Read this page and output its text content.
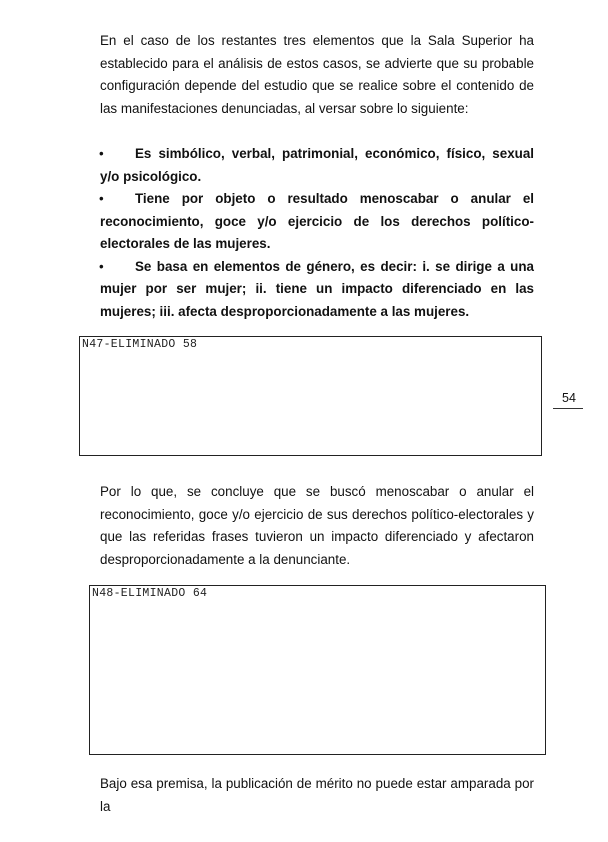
En el caso de los restantes tres elementos que la Sala Superior ha establecido para el análisis de estos casos, se advierte que su probable configuración depende del estudio que se realice sobre el contenido de las manifestaciones denunciadas, al versar sobre lo siguiente:

• Es simbólico, verbal, patrimonial, económico, físico, sexual y/o psicológico.
• Tiene por objeto o resultado menoscabar o anular el reconocimiento, goce y/o ejercicio de los derechos político-electorales de las mujeres.
• Se basa en elementos de género, es decir: i. se dirige a una mujer por ser mujer; ii. tiene un impacto diferenciado en las mujeres; iii. afecta desproporcionadamente a las mujeres.
N47-ELIMINADO 58
54

Por lo que, se concluye que se buscó menoscabar o anular el reconocimiento, goce y/o ejercicio de sus derechos político-electorales y que las referidas frases tuvieron un impacto diferenciado y afectaron desproporcionadamente a la denunciante.

N48-ELIMINADO 64

Bajo esa premisa, la publicación de mérito no puede estar amparada por la
